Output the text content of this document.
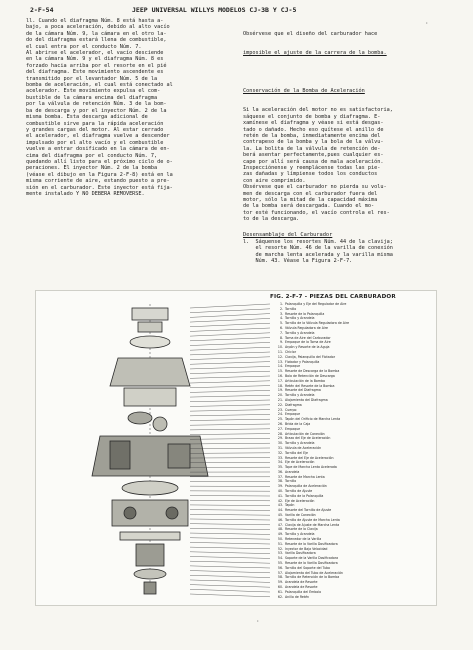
2-F-54	JEEP UNIVERSAL WILLYS MODELOS CJ-3B Y CJ-5
ll. Cuando el diafragma Núm. 8 está hasta a-
bajo, a poca aceleración, debido al alto vacío
de la cámara Núm. 9, la cámara en el otro la-
do del diafragma estará llena de combustible,
el cual entra por el conducto Núm. 7.
Al abrirse el acelerador, el vacío desciende
en la cámara Núm. 9 y el diafragma Núm. 8 es
forzado hacia arriba por el resorte en el pié
del diafragma. Este movimiento ascendente es
transmitido por el levantador Núm. 5 de la
bomba de aceleración, el cual está conectado al
acelerador. Este movimiento expulsa el com-
bustible de la cámara encima del diafragma
por la válvula de retención Núm. 3 de la bom-
ba de descarga y por el inyector Núm. 2 de la
misma bomba. Esta descarga adicional de
combustible sirve para la rápida aceleración
y grandes cargas del motor. Al estar cerrado
el acelerador, el diafragma vuelve a descender
impulsado por el alto vacío y el combustible
vuelve a entrar dosificado en la cámara de en-
cima del diafragma por el conducto Núm. 7,
quedando allí listo para el próximo ciclo de o-
peraciones. El inyector Núm. 2 de la bomba
(véase el dibujo en la Figura 2-F-8) está en la
misma corriente de aire, estando puesto a pre-
sión en el carburador. Este inyector está fija-
mente instalado Y NO DEBERA REMOVERSE.

Obsérvese que el diseño del carburador hace

imposible el ajuste de la carrera de la bomba.

Conservación de la Bomba de Aceleración

Si la aceleración del motor no es satisfactoria,
sáquese el conjunto de bomba y diafragma. E-
xamínese el diafragma y véase si está desgas-
tado o dañado. Hecho eso quítese el anillo de
retén de la bomba, inmediatamente encima del
contrapeso de la bomba y la bola de la válvu-
la. La bolita de la válvula de retención de-
berá asentar perfectamente,pues cualquier es-
cape por allí será causa de mala aceleración.
Inspecciónense y reemplácense todas las pie-
zas dañadas y límpiense todos los conductos
con aire comprimido.
Obsérvese que el carburador no pierda su volu-
men de descarga con el carburador fuera del
motor, sólo la mitad de la capacidad máxima
de la bomba será descargada. Cuando el mo-
tor esté funcionando, el vacío controla el res-
to de la descarga.

Desensamblaje del Carburador
l.  Sáquense los resortes Núm. 44 de la clavija;
el resorte Núm. 46 de la varilla de conexión
de marcha lenta acelerada y la varilla misma
Núm. 43. Véase la Figura 2-F-7.
FIG. 2-F-7 - PIEZAS DEL CARBURADOR
1. Palanquilla y Eje del Regulador de Aire
2. Tornillo
3. Resorte de la Palanquilla
4. Tornillo y Arandela
5. Tornillo de la Válvula Reguladora de Aire
6. Válvula Reguladora de Aire
7. Tornillo y Arandela
8. Toma de Aire del Carburador
9. Empaque de la Toma de Aire
10. Arpón y Resorte de la Aguja
11. Chiclor
12. Clavija, Palanquilla del Flotador
13. Flotador y Palanquilla
14. Empaque
15. Resorte de Descarga de la Bomba
16. Bola de Retención de Descarga
17. Articulación de la Bomba
18. Retén del Resorte de la Bomba
19. Resorte del Diafragma
20. Tornillo y Arandela
21. Alojamiento del Diafragma
22. Diafragma
23. Cuerpo
24. Empaque
25. Tapón del Orificio de Marcha Lenta
26. Brida de la Caja
27. Empaque
28. Articulación de Conexión
29. Brazo del Eje de Aceleración
30. Tornillo y Arandela
31. Válvula de Aceleración
32. Tornillo del Eje
33. Resorte del Eje de Aceleración
34. Eje de Aceleración
35. Tope de Marcha Lenta Acelerada
36. Arandela
37. Resorte de Marcha Lenta
38. Tornillo
39. Palanquilla de Aceleración
40. Tornillo de Ajuste
41. Tornillo de la Palanquilla
42. Eje de Aceleración
43. Tapón
44. Resorte del Tornillo de Ajuste
45. Varilla de Conexión
46. Tornillo de Ajuste de Marcha Lenta
47. Clavija de Ajuste de Marcha Lenta
48. Resorte de la Clavija
49. Tornillo y Arandela
50. Retenedor de la Varilla
51. Resorte de la Varilla Dosificadora
52. Inyector de Baja Velocidad
53. Varilla Dosificadora
54. Soporte de la Varilla Dosificadora
55. Resorte de la Varilla Dosificadora
56. Tornillo del Soporte del Tubo
57. Alojamiento del Tubo de Aceleración
58. Tornillo de Retención de la Bomba
59. Arandela de Resorte
60. Arandela de Resorte
61. Palanquilla del Émbolo
62. Anillo de Retén
·
·
